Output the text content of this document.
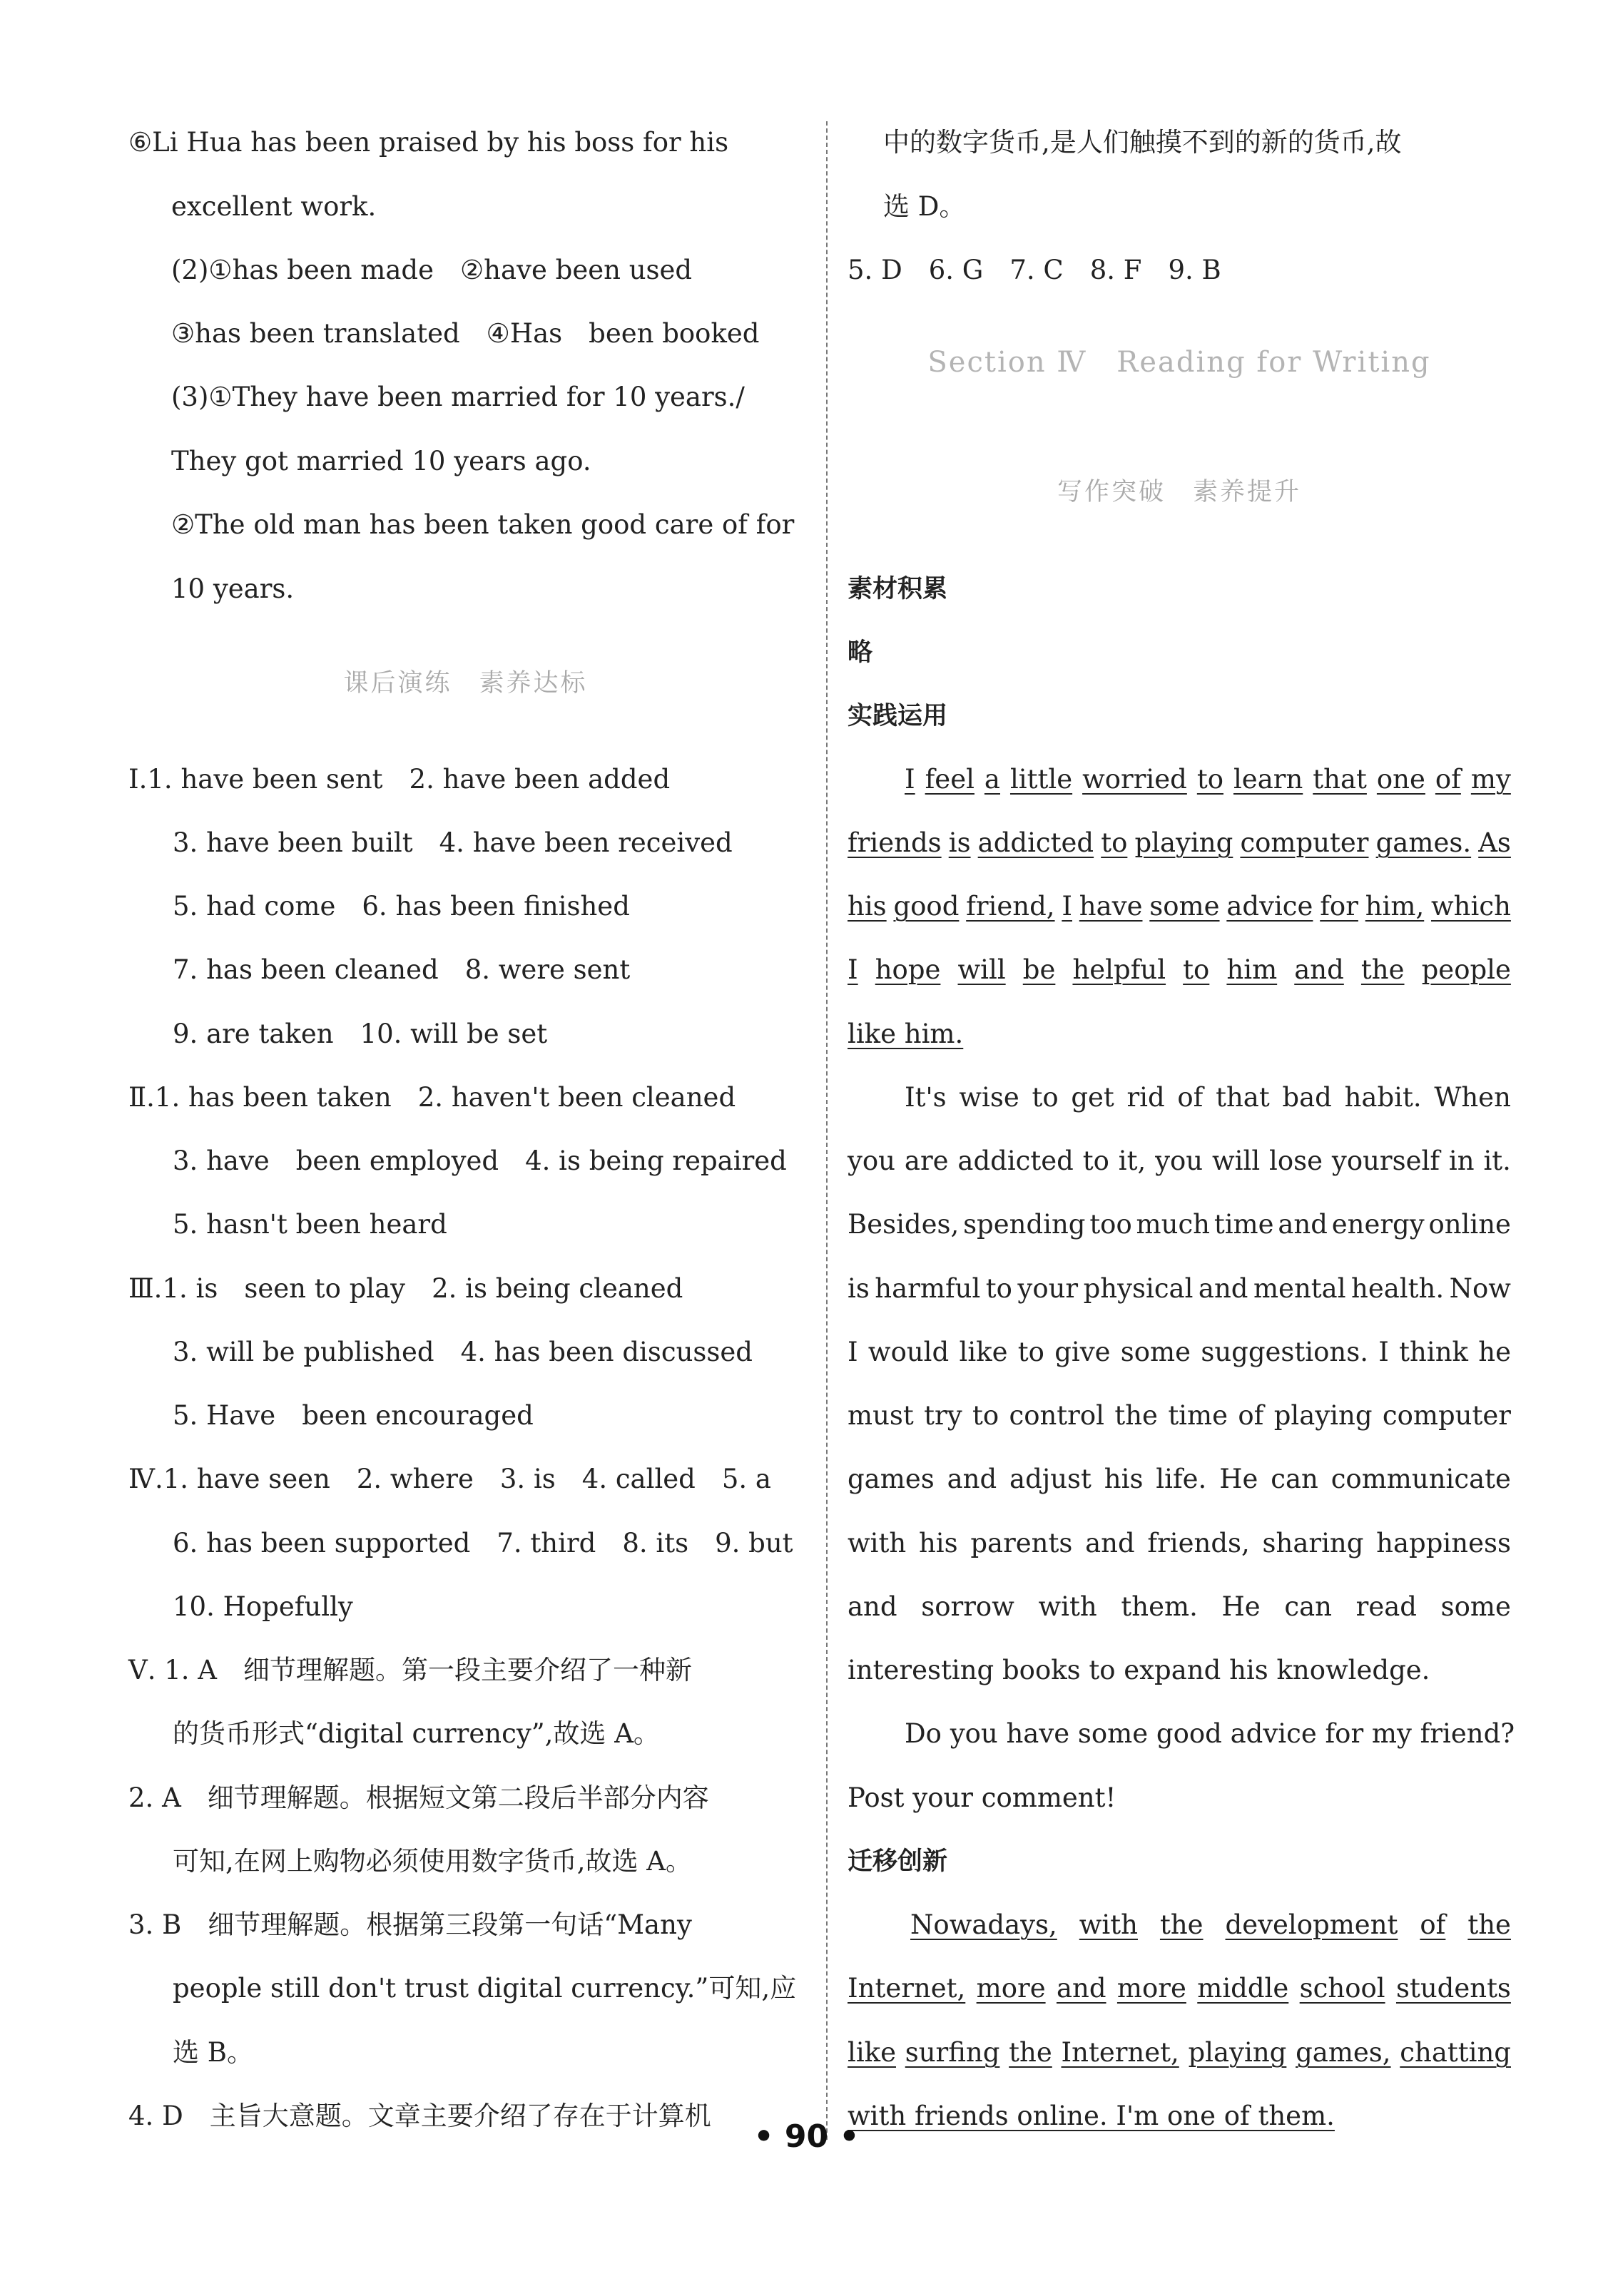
⑥Li Hua has been praised by his boss for his
excellent work.
(2)①has been made　②have been used
③has been translated　④Has　been booked
(3)①They have been married for 10 years./
They got married 10 years ago.
②The old man has been taken good care of for
10 years.
课后演练　素养达标
Ⅰ.1. have been sent　2. have been added
3. have been built　4. have been received
5. had come　6. has been finished
7. has been cleaned　8. were sent
9. are taken　10. will be set
Ⅱ.1. has been taken　2. haven't been cleaned
3. have　been employed　4. is being repaired
5. hasn't been heard
Ⅲ.1. is　seen to play　2. is being cleaned
3. will be published　4. has been discussed
5. Have　been encouraged
Ⅳ.1. have seen　2. where　3. is　4. called　5. a
6. has been supported　7. third　8. its　9. but
10. Hopefully
Ⅴ. 1. A　细节理解题。第一段主要介绍了一种新
的货币形式“digital currency”,故选 A。
2. A　细节理解题。根据短文第二段后半部分内容
可知,在网上购物必须使用数字货币,故选 A。
3. B　细节理解题。根据第三段第一句话“Many
people still don't trust digital currency.”可知,应
选 B。
4. D　主旨大意题。文章主要介绍了存在于计算机
中的数字货币,是人们触摸不到的新的货币,故
选 D。
5. D　6. G　7. C　8. F　9. B
Section Ⅳ　Reading for Writing
写作突破　素养提升
素材积累
略
实践运用
I feel a little worried to learn that one of my
friends is addicted to playing computer games. As
his good friend, I have some advice for him, which
I hope will be helpful to him and the people
like him.
It's wise to get rid of that bad habit. When
you are addicted to it, you will lose yourself in it.
Besides, spending too much time and energy online
is harmful to your physical and mental health. Now
I would like to give some suggestions. I think he
must try to control the time of playing computer
games and adjust his life. He can communicate
with his parents and friends, sharing happiness
and sorrow with them. He can read some
interesting books to expand his knowledge.
Do you have some good advice for my friend?
Post your comment!
迁移创新
Nowadays, with the development of the
Internet, more and more middle school students
like surfing the Internet, playing games, chatting
with friends online. I'm one of them.
• 90 •
